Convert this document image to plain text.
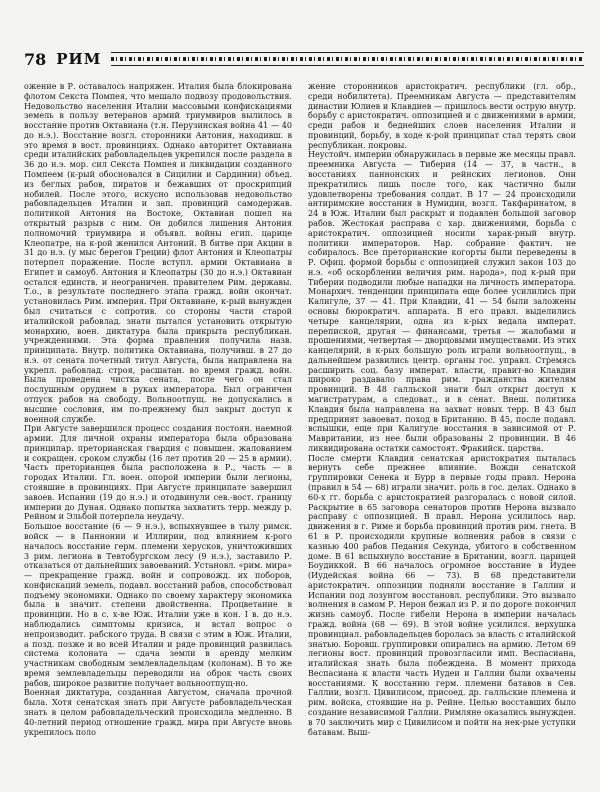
78 РИМ

ожение в Р. оставалось напряжен. Италия была блокирована флотом Секста Помпея, что мешало подвозу продовольствия. Недовольство населения Италии массовыми конфискациями земель в пользу ветеранов армий триумвиров вылилось в восстание против Октавиана (т.н. Перузинская война 41 — 40 до н.э.). Восстание возгл. сторонники Антония, находивш. в это время в вост. провинциях. Однако авторитет Октавиана среди италийских рабовладельцев укрепился после раздела в 36 до н.э. мор. сил Секста Помпея и ликвидации созданного Помпеем (к-рый обосновался в Сицилии и Сардинии) объед. из беглых рабов, пиратов и бежавших от проскрипций нобилей. После этого, искусно использовав недовольство рабовладельцев Италии и зап. провинций самодержав. политикой Антония на Востоке, Октавиан пошел на открытый разрыв с ним. Он добился лишения Антония полномочий триумвира и объявл. войны егип. царице Клеопатре, на к-рой женился Антоний. В битве при Акции в 31 до н.э. (у мыс берегов Греции) флот Антония и Клеопатры потерпел поражение. После вступл. армии Октавиана в Египет и самоуб. Антония и Клеопатры (30 до н.э.) Октавиан остался единств. и неограничен. правителем Рим. державы. Т.о., в результате последнего этапа гражд. войн окончат. установилась Рим. империя. При Октавиане, к-рый вынужден был считаться с сопротив. со стороны части старой италийской рабовлад. знати пытался установить открытую монархию, воен. диктатура была прикрыта республикан. учреждениями. Эта форма правления получила назв. принципата. Внутр. политика Октавиана, получивш. в 27 до н.э. от сената почетный титул Августа, была направлена на укрепл. рабовлад. строя, расшатан. во время гражд. войн. Была проведена чистка сената, после чего он стал послушным орудием в руках императора. Был ограничен отпуск рабов на свободу. Вольноотпущ. не допускались в высшие сословия, им по-прежнему был закрыт доступ к военной службе.

При Августе завершился процесс создания постоян. наемной армии. Для личной охраны императора была образована принципар. преторианская гвардия с повышен. жалованием и сокращен. сроком службы (16 лет против 20 — 25 в армии). Часть преторианцев была расположена в Р., часть — в городах Италии. Гл. воен. опорой империи были легионы, стоявшие в провинциях. При Августе принципате завершил завоев. Испании (19 до н.э.) и отодвинули сев.-вост. границу империи до Дуная. Однако попытка захватить терр. между р. Рейном и Эльбой потерпела неудачу.

Большое восстание (6 — 9 н.э.), вспыхнувшее в тылу римск. войск — в Паннонии и Иллирии, под влиянием к-рого началось восстание герм. племени херусков, уничтоживших 3 рим. легиона в Тевтобургском лесу (9 н.э.), заставило Р. отказаться от дальнейших завоеваний. Установл. «рим. мира» — прекращение гражд. войн и сопровожд. их поборов, конфискаций земель, подавл. восстаний рабов, способствовал подъему экономики. Однако по своему характеру экономика была в значит. степени двойственна. Процветание в провинции. Но в с. х-ве Юж. Италии уже в кон. I в. до н.э. наблюдались симптомы кризиса, и встал вопрос о непроизводит. рабского труда. В связи с этим в Юж. Италии, а позд. позже и во всей Италии и ряде провинций развилась система колоната — сдача земли в аренду мелким участникам свободным землевладельцам (колонам). В то же время землевладельцы переводили на оброк часть своих рабов, широкое развитие получает вольноотпущ-но.

Военная диктатура, созданная Августом, сначала прочной была. Хотя сенатская знать при Августе рабовладельческая знать в целом рабовладельческий происходила медленно. В 40-летний период отношение гражд. мира при Августе вновь укрепилось поло

жение сторонников аристократич. республики (гл. обр., среди нобилитета). Преемникам Августа — представителям династии Юлиев и Клавдиев — пришлось вести острую внутр. борьбу с аристократич. оппозицией и с движениями в армии, среди рабов и беднейших слоев населения Италии и провинций, борьбу, в ходе к-рой принципат стал терять свои республикан. покровы.

Неустойч. империи обнаружилась в первые же месяцы правл. преемника Августа — Тиберия (14 — 37, в частн., в восстаниях паннонских и рейнских легионов. Они прекратились лишь после того, как частично были удовлетворены требования солдат. В 17 — 24 происходили антиримские восстания в Нумидии, возгл. Такфаринатом, в 24 в Юж. Италии был раскрыт и подавлен большой заговор рабов. Жестокая расправа с хар. движениями, борьба с аристократич. оппозицией носили харак-рный внутр. политики императоров. Нар. собрание фактич. не собиралось. Все преторианские когорты были переведены в Р. Офиц. формой борьбы с оппозицией служил закон 103 до н.э. «об оскорблении величия рим. народа», под к-рый при Тиберии подводили любые нападки на личность императора. Монархич. тенденции принципата еще более усилились при Калигуле, 37 — 41. При Клавдии, 41 — 54 были заложены основы бюрократич. аппарата. В его правл. выделились четыре канцелярии, одна из к-рых ведала императ. перепиской, другая — финансами, третья — жалобами и прошениями, четвертая — дворцовыми имуществами. Из этих канцелярий, в к-рых большую роль играли вольноотпущ., в дальнейшем развились центр. органы гос. управл. Стремясь расширить соц. базу императ. власти, правит-во Клавдия широко раздавало права рим. гражданства жителям провинций. В 48 галльской знати был открыт доступ к магистратурам, а следоват., и в сенат. Внеш. политика Клавдия была направлена на захват новых терр. В 43 был предпринят завоеват. поход в Британию. В 45, после подавл. вспышки, еще при Калигуле восстания в зависимой от Р. Мавритании, из нее были образованы 2 провинции. В 46 ликвидирована остатки самостоят. Фракийск. царства.

После смерти Клавдия сенатская аристократия пыталась вернуть себе прежнее влияние. Вожди сенатской группировки Сенека и Бурр в первые годы правл. Нерона (правил в 54 — 68) играли значит. роль в гос. делах. Однако в 60-х гг. борьба с аристократией разгоралась с новой силой. Раскрытие в 65 заговора сенаторов против Нерона вызвало расправу с оппозицией. В правл. Нерона усилилось нар. движения в г. Риме и борьба провинций против рим. гнета. В 61 в Р. происходили крупные волнения рабов в связи с казнью 400 рабов Педания Секунда, убитого в собственном доме. В 61 вспыхнуло восстание в Британии, возгл. царицей Боудиккой. В 66 началось огромное восстание в Иудее (Иудейская война 66 — 73). В 68 представители аристократич. оппозиции подняли восстание в Галлии и Испании под лозунгом восстановл. республики. Это вызвало волнения в самом Р. Нерон бежал из Р. и по дороге покончил жизнь самоуб. После гибели Нерона в империи началась гражд. война (68 — 69). В этой войне усилился. верхушка провинциал. рабовладельцев боролась за власть с италийской знатью. Боровш. группировки опирались на армию. Летом 69 легионы вост. провинций провозгласили имп. Веспасиана, италийская знать была побеждена. В момент прихода Веспасиана к власти часть Иудеи и Галлии были охвачены восстаниями. К восстанию герм. племени батавов в Сев. Галлии, возгл. Цивилисом, присоед. др. галльские племена и рим. войска, стоявшие на р. Рейне. Целью восставших было создание независимой Галлии. Римляне оказались вынужден. в 70 заключить мир с Цивилисом и пойти на нек-рые уступки батавам. Выш-
